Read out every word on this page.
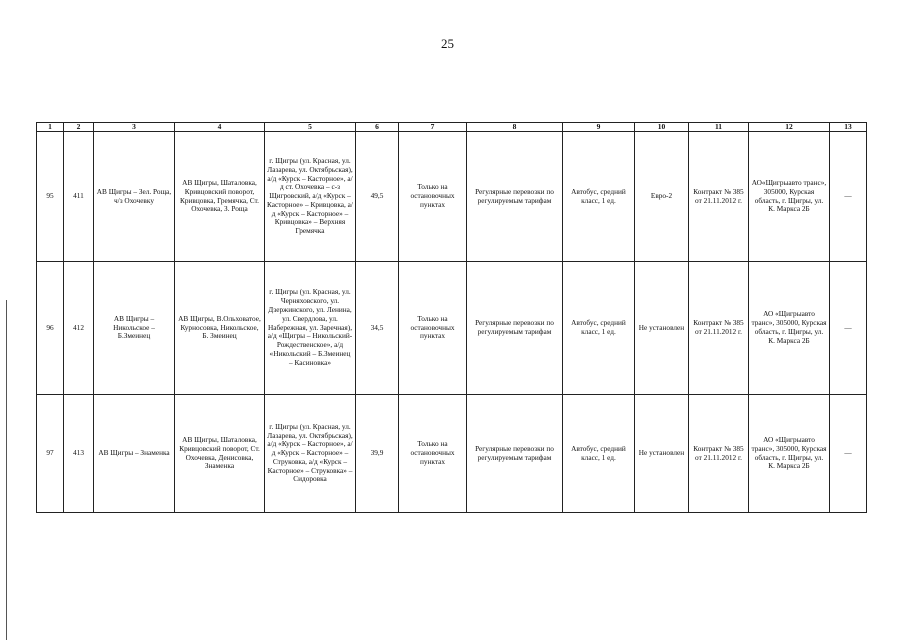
25
1	2	3	4	5	6	7	8	9	10	11	12	13
95	411	АВ Щигры – Зел. Роща, ч/з Охочевку	АВ Щигры, Шаталовка, Кривцовский поворот, Кривцовка, Гремячка, Ст. Охочевка, З. Роща	г. Щигры (ул. Красная, ул. Лазарева, ул. Октябрьская), а/д «Курск – Касторное», а/д ст. Охочевка – с-з Щигровский, а/д «Курск – Касторное» – Кривцовка, а/д «Курск – Касторное» – Кривцовка» – Верхняя Гремячка	49,5	Только на остановочных пунктах	Регулярные перевозки по регулируемым тарифам	Автобус, средний класс, 1 ед.	Евро-2	Контракт № 385 от 21.11.2012 г.	АО«Щигрыавто транс», 305000, Курская область, г. Щигры, ул. К. Маркса 2Б	—
96	412	АВ Щигры – Никольское – Б.Змеинец	АВ Щигры, В.Ольховатое, Курносовка, Никольское, Б. Змеинец	г. Щигры (ул. Красная, ул. Черняховского, ул. Дзержинского, ул. Ленина, ул. Свердлова, ул. Набережная, ул. Заречная), а/д «Щигры – Никольский-Рождественское», а/д «Никольский – Б.Змеинец – Касиновка»	34,5	Только на остановочных пунктах	Регулярные перевозки по регулируемым тарифам	Автобус, средний класс, 1 ед.	Не установлен	Контракт № 385 от 21.11.2012 г.	АО «Щигрыавто транс», 305000, Курская область, г. Щигры, ул. К. Маркса 2Б	—
97	413	АВ Щигры – Знаменка	АВ Щигры, Шаталовка, Кривцовский поворот, Ст. Охочевка, Денисовка, Знаменка	г. Щигры (ул. Красная, ул. Лазарева, ул. Октябрьская), а/д «Курск – Касторное», а/д «Курск – Касторное» – Струковка, а/д «Курск – Касторное» – Струковка» – Сидоровка	39,9	Только на остановочных пунктах	Регулярные перевозки по регулируемым тарифам	Автобус, средний класс, 1 ед.	Не установлен	Контракт № 385 от 21.11.2012 г.	АО «Щигрыавто транс», 305000, Курская область, г. Щигры, ул. К. Маркса 2Б	—
